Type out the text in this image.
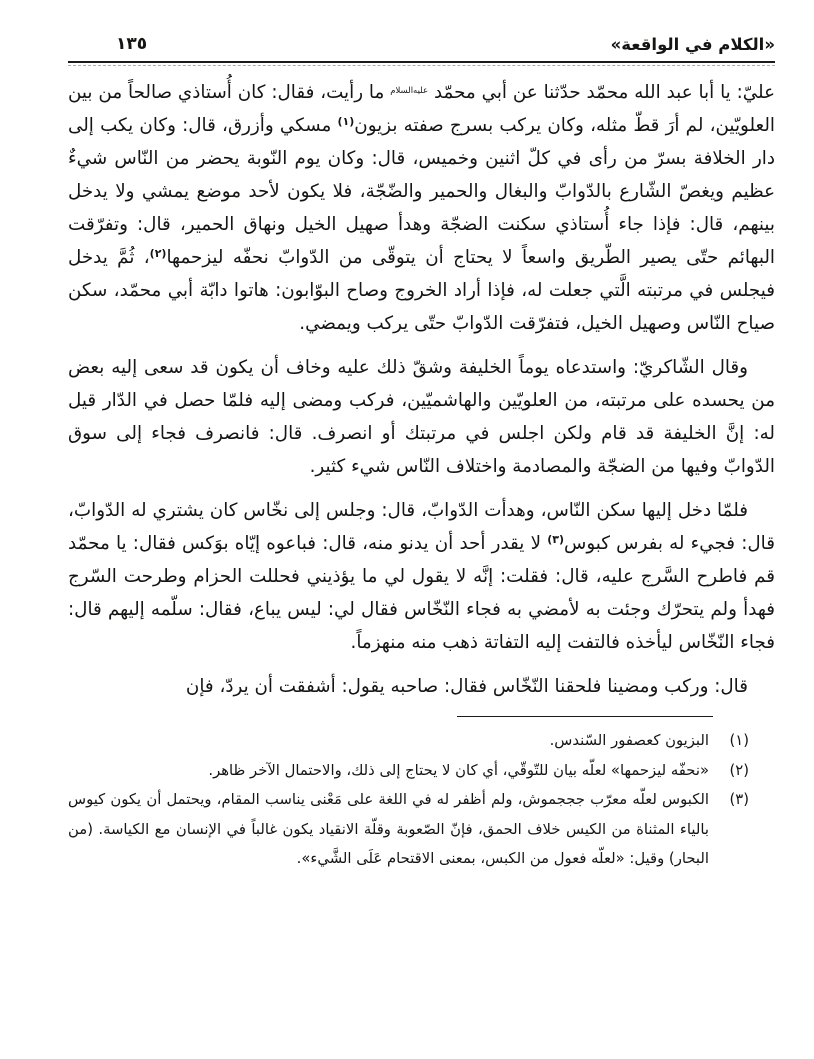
«الكلام في الواقعة»
١٣٥

عليّ: يا أبا عبد الله محمّد حدّثنا عن أبي محمّد عليه‌السلام ما رأيت، فقال: كان أُستاذي صالحاً من بين العلويّين، لم أرَ قطّ مثله، وكان يركب بسرج صفته بزيون$^{(١)}$ مسكي وأزرق، قال: وكان يكب إلى دار الخلافة بسرّ من رأى في كلّ اثنين وخميس، قال: وكان يوم النّوبة يحضر من النّاس شيءٌ عظيم ويغصّ الشّارع بالدّوابّ والبغال والحمير والضّجّة، فلا يكون لأحد موضع يمشي ولا يدخل بينهم، قال: فإذا جاء أُستاذي سكنت الضجّة وهدأ صهيل الخيل ونهاق الحمير، قال: وتفرّقت البهائم حتّى يصير الطّريق واسعاً لا يحتاج أن يتوقّى من الدّوابّ نحفّه ليزحمها$^{(٢)}$، ثُمَّ يدخل فيجلس في مرتبته الَّتي جعلت له، فإذا أراد الخروج وصاح البوّابون: هاتوا دابّة أبي محمّد، سكن صياح النّاس وصهيل الخيل، فتفرّقت الدّوابّ حتّى يركب ويمضي.

وقال الشّاكريّ: واستدعاه يوماً الخليفة وشقّ ذلك عليه وخاف أن يكون قد سعى إليه بعض من يحسده على مرتبته، من العلويّين والهاشميّين، فركب ومضى إليه فلمّا حصل في الدّار قيل له: إنَّ الخليفة قد قام ولكن اجلس في مرتبتك أو انصرف. قال: فانصرف فجاء إلى سوق الدّوابّ وفيها من الضجّة والمصادمة واختلاف النّاس شيء كثير.

فلمّا دخل إليها سكن النّاس، وهدأت الدّوابّ، قال: وجلس إلى نخّاس كان يشتري له الدّوابّ، قال: فجيء له بفرس كبوس$^{(٣)}$ لا يقدر أحد أن يدنو منه، قال: فباعوه إيّاه بوَكس فقال: يا محمّد قم فاطرح السَّرج عليه، قال: فقلت: إنَّه لا يقول لي ما يؤذيني فحللت الحزام وطرحت السّرج فهدأ ولم يتحرّك وجئت به لأمضي به فجاء النّخّاس فقال لي: ليس يباع، فقال: سلّمه إليهم قال: فجاء النّخّاس ليأخذه فالتفت إليه التفاتة ذهب منه منهزماً.

قال: وركب ومضينا فلحقنا النّخّاس فقال: صاحبه يقول: أشفقت أن يردّ، فإن

(١)
البزيون كعصفور السّندس.
(٢)
«نحفّه ليزحمها» لعلّه بيان للتّوقّي، أي كان لا يحتاج إلى ذلك، والاحتمال الآخر ظاهر.
(٣)
الكبوس لعلّه معرّب جججموش، ولم أظفر له في اللغة على مَعْنى يناسب المقام، ويحتمل أن يكون كيوس بالياء المثناة من الكيس خلاف الحمق، فإنّ الصّعوبة وقلّة الانقياد يكون غالباً في الإنسان مع الكياسة. (من البحار) وقيل: «لعلّه فعول من الكبس، بمعنى الاقتحام عَلَى الشَّيء».
